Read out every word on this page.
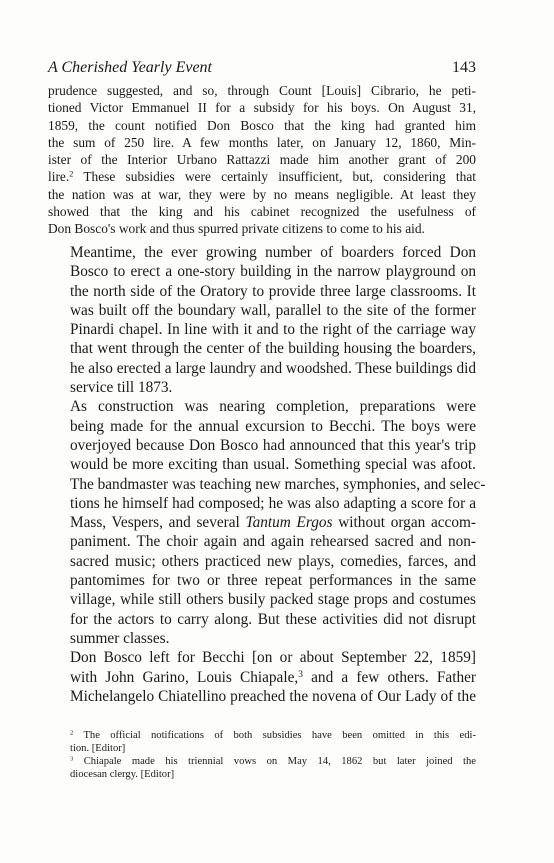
A Cherished Yearly Event	143
prudence suggested, and so, through Count [Louis] Cibrario, he peti-
tioned Victor Emmanuel II for a subsidy for his boys. On August 31,
1859, the count notified Don Bosco that the king had granted him
the sum of 250 lire. A few months later, on January 12, 1860, Min-
ister of the Interior Urbano Rattazzi made him another grant of 200
lire.$^2$ These subsidies were certainly insufficient, but, considering that
the nation was at war, they were by no means negligible. At least they
showed that the king and his cabinet recognized the usefulness of
Don Bosco's work and thus spurred private citizens to come to his aid.
Meantime, the ever growing number of boarders forced Don
Bosco to erect a one-story building in the narrow playground on
the north side of the Oratory to provide three large classrooms. It
was built off the boundary wall, parallel to the site of the former
Pinardi chapel. In line with it and to the right of the carriage way
that went through the center of the building housing the boarders,
he also erected a large laundry and woodshed. These buildings did
service till 1873.
As construction was nearing completion, preparations were
being made for the annual excursion to Becchi. The boys were
overjoyed because Don Bosco had announced that this year's trip
would be more exciting than usual. Something special was afoot.
The bandmaster was teaching new marches, symphonies, and selec-
tions he himself had composed; he was also adapting a score for a
Mass, Vespers, and several Tantum Ergos without organ accom-
paniment. The choir again and again rehearsed sacred and non-
sacred music; others practiced new plays, comedies, farces, and
pantomimes for two or three repeat performances in the same
village, while still others busily packed stage props and costumes
for the actors to carry along. But these activities did not disrupt
summer classes.
Don Bosco left for Becchi [on or about September 22, 1859]
with John Garino, Louis Chiapale,$^3$ and a few others. Father
Michelangelo Chiatellino preached the novena of Our Lady of the
$^2$ The official notifications of both subsidies have been omitted in this edi-
tion. [Editor]
$^3$ Chiapale made his triennial vows on May 14, 1862 but later joined the
diocesan clergy. [Editor]
